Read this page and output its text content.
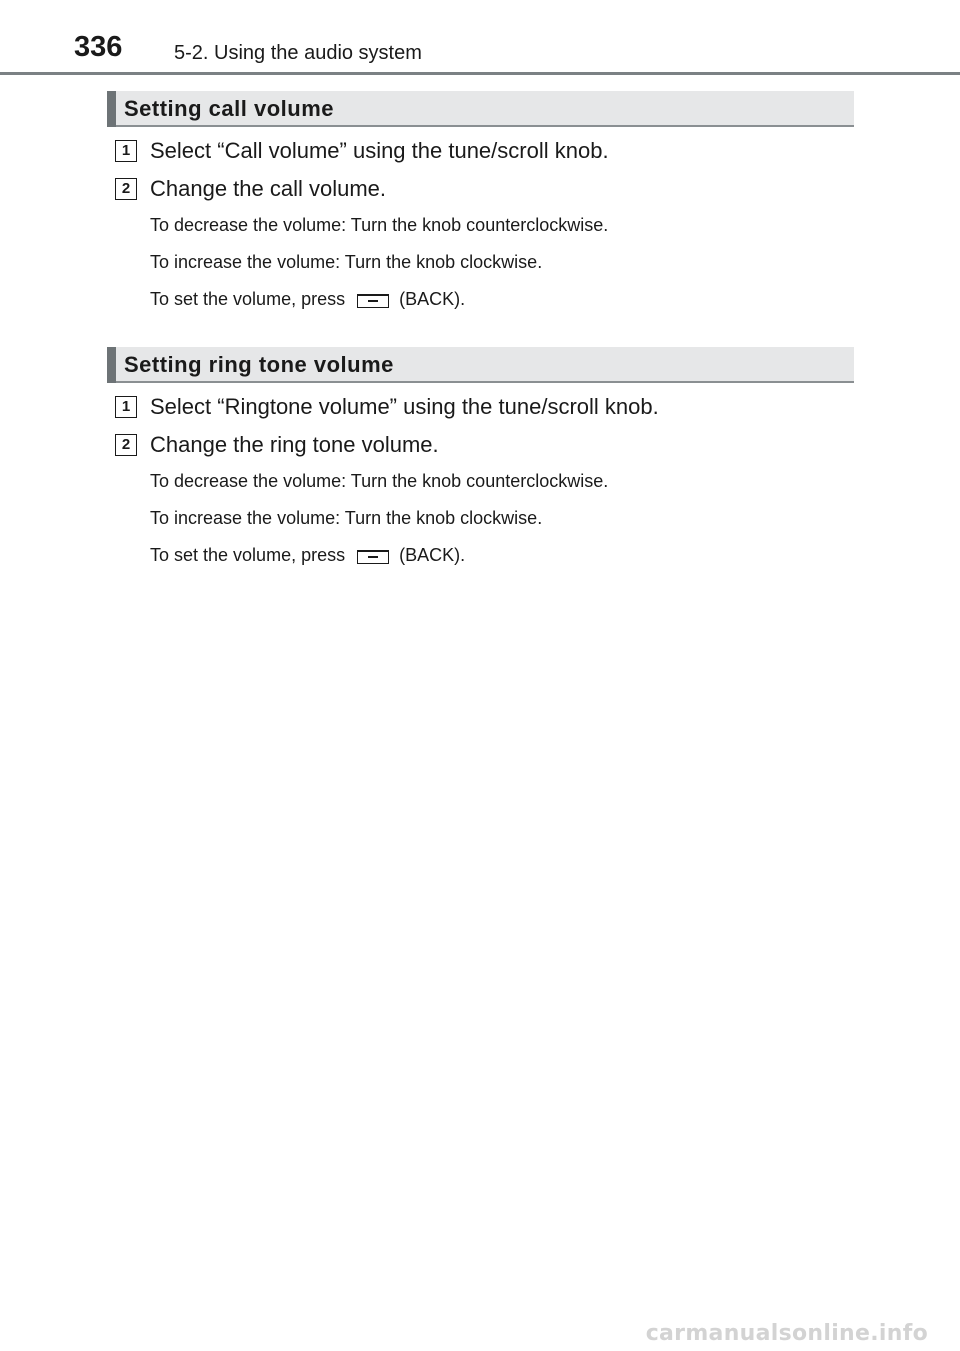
336	5-2. Using the audio system
Setting call volume
1 Select “Call volume” using the tune/scroll knob.
2 Change the call volume.
To decrease the volume: Turn the knob counterclockwise.
To increase the volume: Turn the knob clockwise.
To set the volume, press	(BACK).
Setting ring tone volume
1 Select “Ringtone volume” using the tune/scroll knob.
2 Change the ring tone volume.
To decrease the volume: Turn the knob counterclockwise.
To increase the volume: Turn the knob clockwise.
To set the volume, press	(BACK).
carmanualsonline.info
